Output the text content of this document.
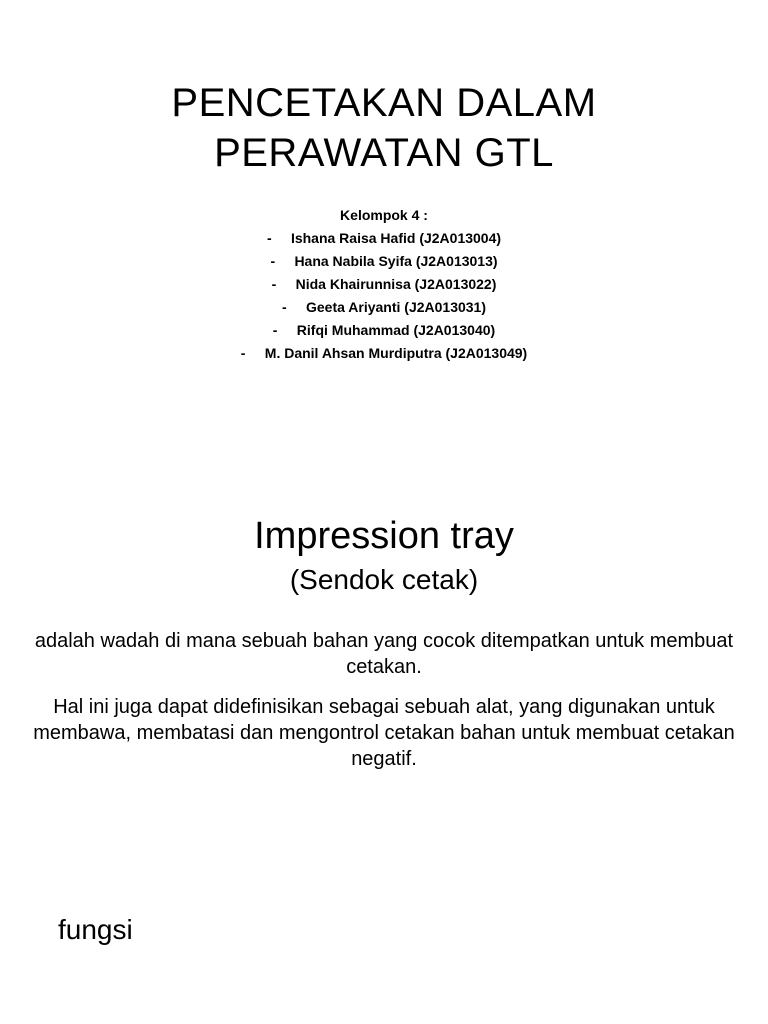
PENCETAKAN DALAM
PERAWATAN GTL
Kelompok 4 :
- Ishana Raisa Hafid (J2A013004)
- Hana Nabila Syifa (J2A013013)
- Nida Khairunnisa (J2A013022)
- Geeta Ariyanti (J2A013031)
- Rifqi Muhammad (J2A013040)
- M. Danil Ahsan Murdiputra (J2A013049)
Impression tray
(Sendok cetak)
adalah wadah di mana sebuah bahan yang cocok ditempatkan untuk membuat cetakan.
Hal ini juga dapat didefinisikan sebagai sebuah alat, yang digunakan untuk membawa, membatasi dan mengontrol cetakan bahan untuk membuat cetakan negatif.
fungsi
